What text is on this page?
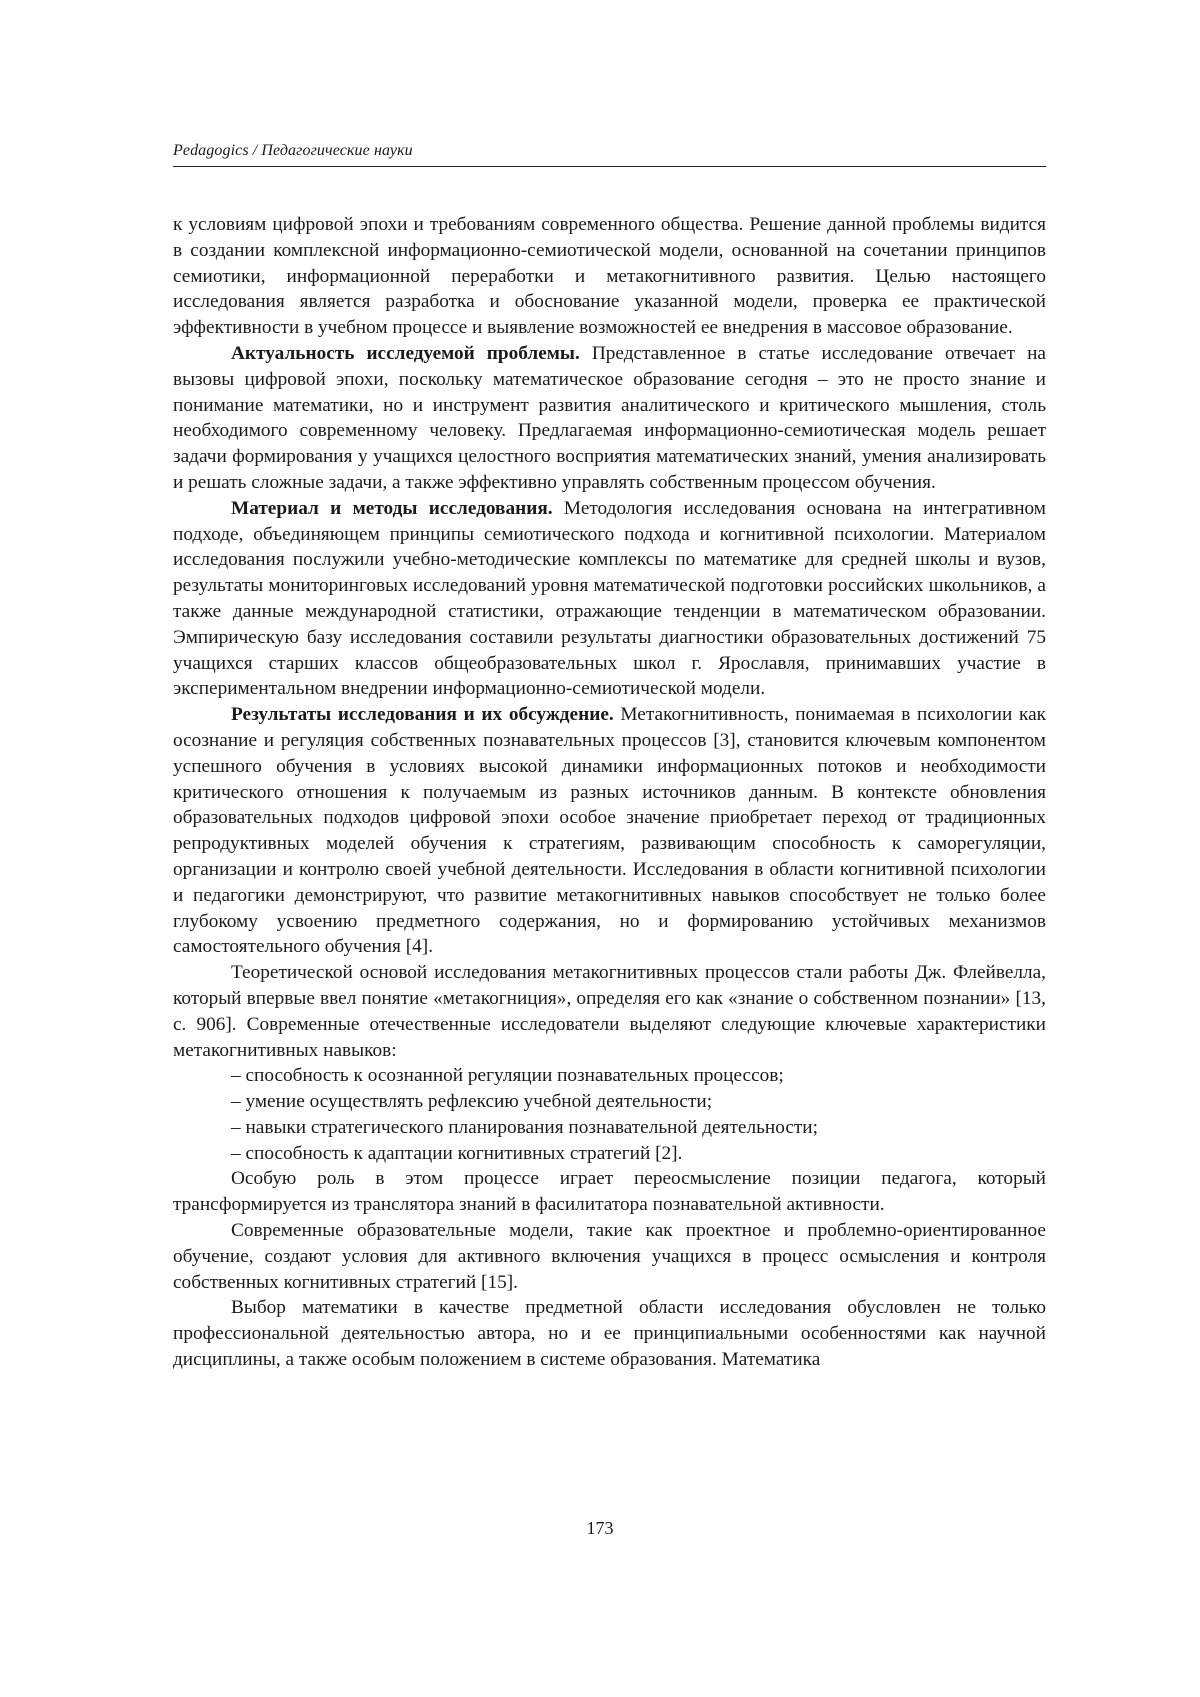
Pedagogics / Педагогические науки

к условиям цифровой эпохи и требованиям современного общества. Решение данной проблемы видится в создании комплексной информационно-семиотической модели, основанной на сочетании принципов семиотики, информационной переработки и метакогнитивного развития. Целью настоящего исследования является разработка и обоснование указанной модели, проверка ее практической эффективности в учебном процессе и выявление возможностей ее внедрения в массовое образование.

Актуальность исследуемой проблемы. Представленное в статье исследование отвечает на вызовы цифровой эпохи, поскольку математическое образование сегодня – это не просто знание и понимание математики, но и инструмент развития аналитического и критического мышления, столь необходимого современному человеку. Предлагаемая информационно-семиотическая модель решает задачи формирования у учащихся целостного восприятия математических знаний, умения анализировать и решать сложные задачи, а также эффективно управлять собственным процессом обучения.

Материал и методы исследования. Методология исследования основана на интегративном подходе, объединяющем принципы семиотического подхода и когнитивной психологии. Материалом исследования послужили учебно-методические комплексы по математике для средней школы и вузов, результаты мониторинговых исследований уровня математической подготовки российских школьников, а также данные международной статистики, отражающие тенденции в математическом образовании. Эмпирическую базу исследования составили результаты диагностики образовательных достижений 75 учащихся старших классов общеобразовательных школ г. Ярославля, принимавших участие в экспериментальном внедрении информационно-семиотической модели.

Результаты исследования и их обсуждение. Метакогнитивность, понимаемая в психологии как осознание и регуляция собственных познавательных процессов [3], становится ключевым компонентом успешного обучения в условиях высокой динамики информационных потоков и необходимости критического отношения к получаемым из разных источников данным. В контексте обновления образовательных подходов цифровой эпохи особое значение приобретает переход от традиционных репродуктивных моделей обучения к стратегиям, развивающим способность к саморегуляции, организации и контролю своей учебной деятельности. Исследования в области когнитивной психологии и педагогики демонстрируют, что развитие метакогнитивных навыков способствует не только более глубокому усвоению предметного содержания, но и формированию устойчивых механизмов самостоятельного обучения [4].

Теоретической основой исследования метакогнитивных процессов стали работы Дж. Флейвелла, который впервые ввел понятие «метакогниция», определяя его как «знание о собственном познании» [13, с. 906]. Современные отечественные исследователи выделяют следующие ключевые характеристики метакогнитивных навыков:

– способность к осознанной регуляции познавательных процессов;

– умение осуществлять рефлексию учебной деятельности;

– навыки стратегического планирования познавательной деятельности;

– способность к адаптации когнитивных стратегий [2].

Особую роль в этом процессе играет переосмысление позиции педагога, который трансформируется из транслятора знаний в фасилитатора познавательной активности.

Современные образовательные модели, такие как проектное и проблемно-ориентированное обучение, создают условия для активного включения учащихся в процесс осмысления и контроля собственных когнитивных стратегий [15].

Выбор математики в качестве предметной области исследования обусловлен не только профессиональной деятельностью автора, но и ее принципиальными особенностями как научной дисциплины, а также особым положением в системе образования. Математика

173
